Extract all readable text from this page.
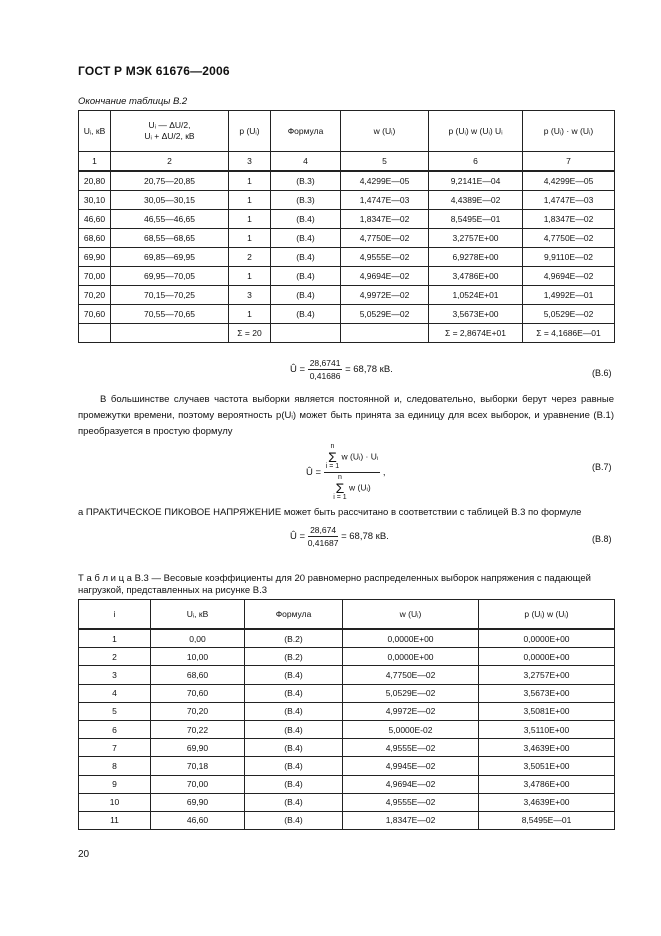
ГОСТ Р МЭК 61676—2006
Окончание таблицы В.2
Uᵢ, кВ	Uᵢ — ΔU/2,
Uᵢ + ΔU/2, кВ	p (Uᵢ)	Формула	w (Uᵢ)	p (Uᵢ) w (Uᵢ) Uᵢ	p (Uᵢ) · w (Uᵢ)
1	2	3	4	5	6	7
20,80	20,75—20,85	1	(В.3)	4,4299Е—05	9,2141Е—04	4,4299Е—05
30,10	30,05—30,15	1	(В.3)	1,4747Е—03	4,4389Е—02	1,4747Е—03
46,60	46,55—46,65	1	(В.4)	1,8347Е—02	8,5495Е—01	1,8347Е—02
68,60	68,55—68,65	1	(В.4)	4,7750Е—02	3,2757Е+00	4,7750Е—02
69,90	69,85—69,95	2	(В.4)	4,9555Е—02	6,9278Е+00	9,9110Е—02
70,00	69,95—70,05	1	(В.4)	4,9694Е—02	3,4786Е+00	4,9694Е—02
70,20	70,15—70,25	3	(В.4)	4,9972Е—02	1,0524Е+01	1,4992Е—01
70,60	70,55—70,65	1	(В.4)	5,0529Е—02	3,5673Е+00	5,0529Е—02
		Σ = 20			Σ = 2,8674Е+01	Σ = 4,1686Е—01
Û = $\frac{28,6741}{0,41686} = 68,78$ кВ.	(В.6)
В большинстве случаев частота выборки является постоянной и, следовательно, выборки берут через равные промежутки времени, поэтому вероятность p(Uᵢ) может быть принята за единицу для всех выборок, и уравнение (В.1) преобразуется в простую формулу
Û = n
Σ
i = 1
w (Uᵢ) · Uᵢ
n
Σ
i = 1
w (Uᵢ) ,
(В.7)
а ПРАКТИЧЕСКОЕ ПИКОВОЕ НАПРЯЖЕНИЕ может быть рассчитано в соответствии с таблицей В.3 по формуле
Û = $\frac{28,674}{0,41687} = 68,78$ кВ.	(В.8)
Т а б л и ц а В.3 — Весовые коэффициенты для 20 равномерно распределенных выборок напряжения с падающей нагрузкой, представленных на рисунке В.3
i	Uᵢ, кВ	Формула	w (Uᵢ)	p (Uᵢ) w (Uᵢ)
1	0,00	(В.2)	0,0000Е+00	0,0000Е+00
2	10,00	(В.2)	0,0000Е+00	0,0000Е+00
3	68,60	(В.4)	4,7750Е—02	3,2757Е+00
4	70,60	(В.4)	5,0529Е—02	3,5673Е+00
5	70,20	(В.4)	4,9972Е—02	3,5081Е+00
6	70,22	(В.4)	5,0000Е-02	3,5110Е+00
7	69,90	(В.4)	4,9555Е—02	3,4639Е+00
8	70,18	(В.4)	4,9945Е—02	3,5051Е+00
9	70,00	(В.4)	4,9694Е—02	3,4786Е+00
10	69,90	(В.4)	4,9555Е—02	3,4639Е+00
11	46,60	(В.4)	1,8347Е—02	8,5495Е—01
20
